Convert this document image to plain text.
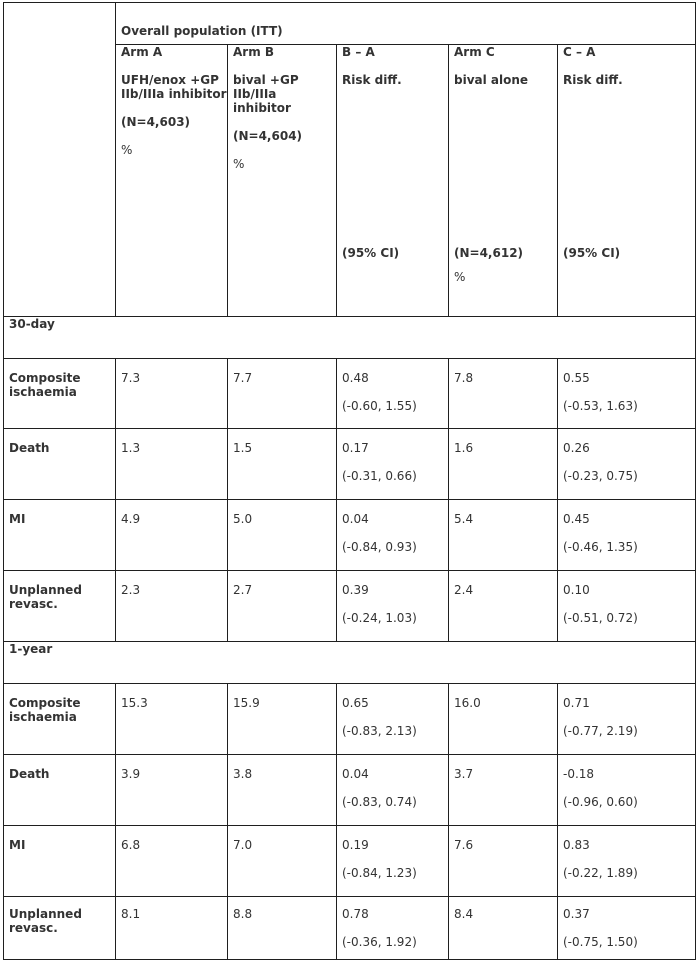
	Overall population (ITT)				
	Arm A
UFH/enox +GP IIb/IIIa inhibitor
(N=4,603)
%	Arm B
bival +GP IIb/IIIa inhibitor
(N=4,604)
%	B – A
Risk diff.
(95% CI)	Arm C
bival alone
(N=4,612)
%	C – A
Risk diff.
(95% CI)

30-day					
Composite ischaemia	7.3	7.7	0.48
(-0.60, 1.55)	7.8	0.55
(-0.53, 1.63)

Death	1.3	1.5	0.17
(-0.31, 0.66)	1.6	0.26
(-0.23, 0.75)

MI	4.9	5.0	0.04
(-0.84, 0.93)	5.4	0.45
(-0.46, 1.35)

Unplanned revasc.	2.3	2.7	0.39
(-0.24, 1.03)	2.4	0.10
(-0.51, 0.72)

1-year					
Composite ischaemia	15.3	15.9	0.65
(-0.83, 2.13)	16.0	0.71
(-0.77, 2.19)

Death	3.9	3.8	0.04
(-0.83, 0.74)	3.7	-0.18
(-0.96, 0.60)

MI	6.8	7.0	0.19
(-0.84, 1.23)	7.6	0.83
(-0.22, 1.89)

Unplanned revasc.	8.1	8.8	0.78
(-0.36, 1.92)	8.4	0.37
(-0.75, 1.50)
